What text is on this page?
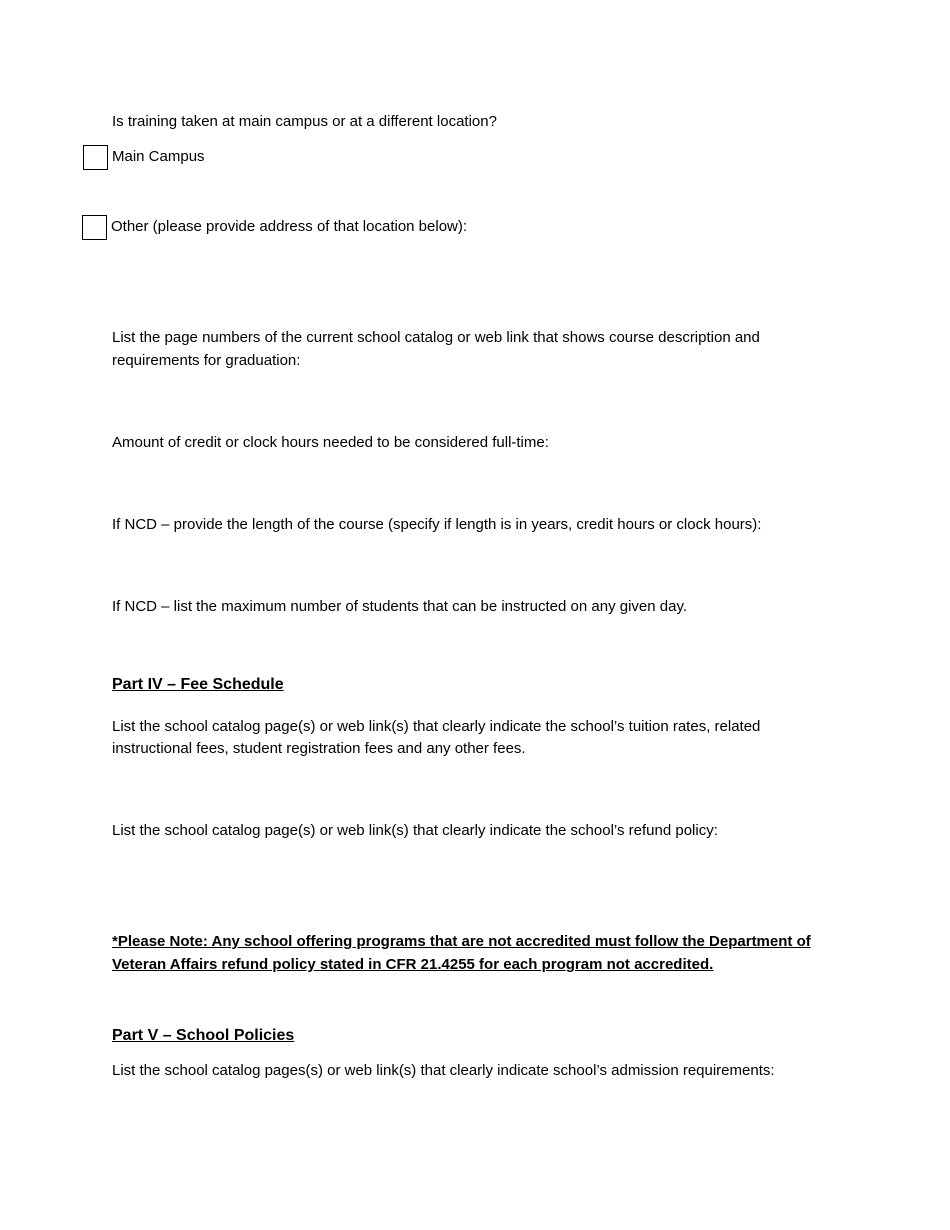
Is training taken at main campus or at a different location?
Main Campus
Other (please provide address of that location below):
List the page numbers of the current school catalog or web link that shows course description and
requirements for graduation:
Amount of credit or clock hours needed to be considered full-time:
If NCD – provide the length of the course (specify if length is in years, credit hours or clock hours):
If NCD – list the maximum number of students that can be instructed on any given day.
Part IV – Fee Schedule
List the school catalog page(s) or web link(s) that clearly indicate the school’s tuition rates, related
instructional fees, student registration fees and any other fees.
List the school catalog page(s) or web link(s) that clearly indicate the school’s refund policy:
*Please Note: Any school offering programs that are not accredited must follow the Department of
Veteran Affairs refund policy stated in CFR 21.4255 for each program not accredited.
Part V – School Policies
List the school catalog pages(s) or web link(s) that clearly indicate school’s admission requirements:
